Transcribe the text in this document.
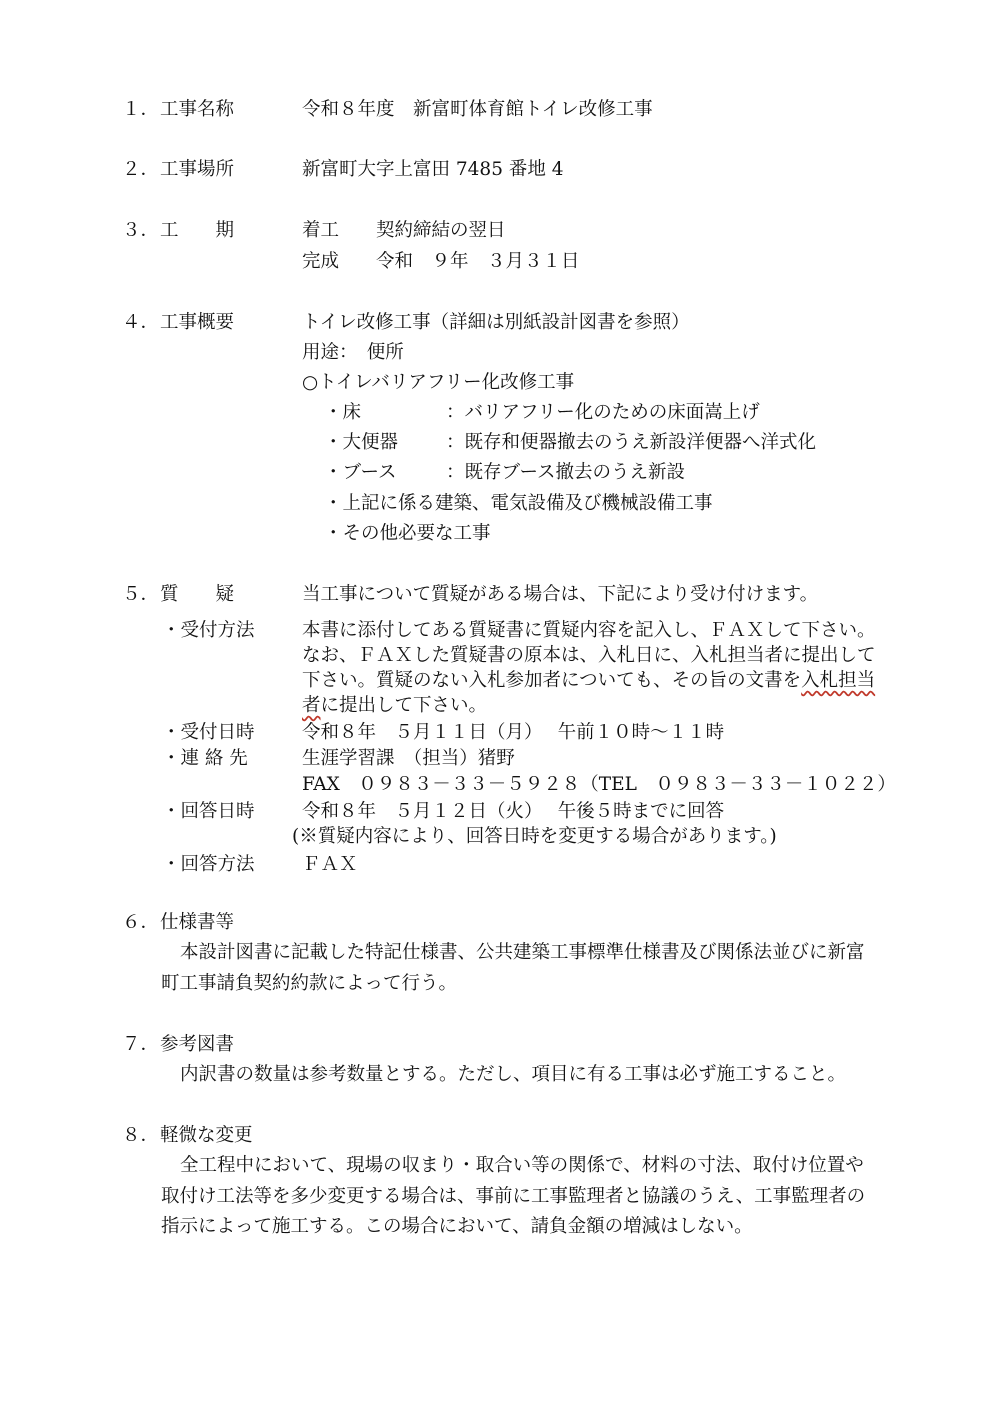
１． 工事名称	令和８年度　新富町体育館トイレ改修工事
２． 工事場所	新富町大字上富田 7485 番地 4
３． 工　　期	着工　　契約締結の翌日
完成　　令和　９年　３月３１日
４． 工事概要	トイレ改修工事（詳細は別紙設計図書を参照）
用途：　便所
○トイレバリアフリー化改修工事
・床	：バリアフリー化のための床面嵩上げ
・大便器	：既存和便器撤去のうえ新設洋便器へ洋式化
・ブース	：既存ブース撤去のうえ新設
・上記に係る建築、電気設備及び機械設備工事
・その他必要な工事
５． 質　　疑	当工事について質疑がある場合は、下記により受け付けます。
・受付方法	本書に添付してある質疑書に質疑内容を記入し、ＦＡＸして下さい。
なお、ＦＡＸした質疑書の原本は、入札日に、入札担当者に提出して
下さい。質疑のない入札参加者についても、その旨の文書を入札担当
者に提出して下さい。
・受付日時	令和８年　５月１１日（月）　 午前１０時～１１時
・連 絡 先	生涯学習課　（担当）猪野
FAX　０９８３－３３－５９２８（TEL　０９８３－３３－１０２２）
・回答日時	令和８年　５月１２日（火）　 午後５時までに回答
(※質疑内容により、回答日時を変更する場合があります。)
・回答方法	ＦＡＸ
６． 仕様書等
本設計図書に記載した特記仕様書、公共建築工事標準仕様書及び関係法並びに新富
町工事請負契約約款によって行う。
７． 参考図書
内訳書の数量は参考数量とする。ただし、項目に有る工事は必ず施工すること。
８． 軽微な変更
全工程中において、現場の収まり・取合い等の関係で、材料の寸法、取付け位置や
取付け工法等を多少変更する場合は、事前に工事監理者と協議のうえ、工事監理者の
指示によって施工する。この場合において、請負金額の増減はしない。
